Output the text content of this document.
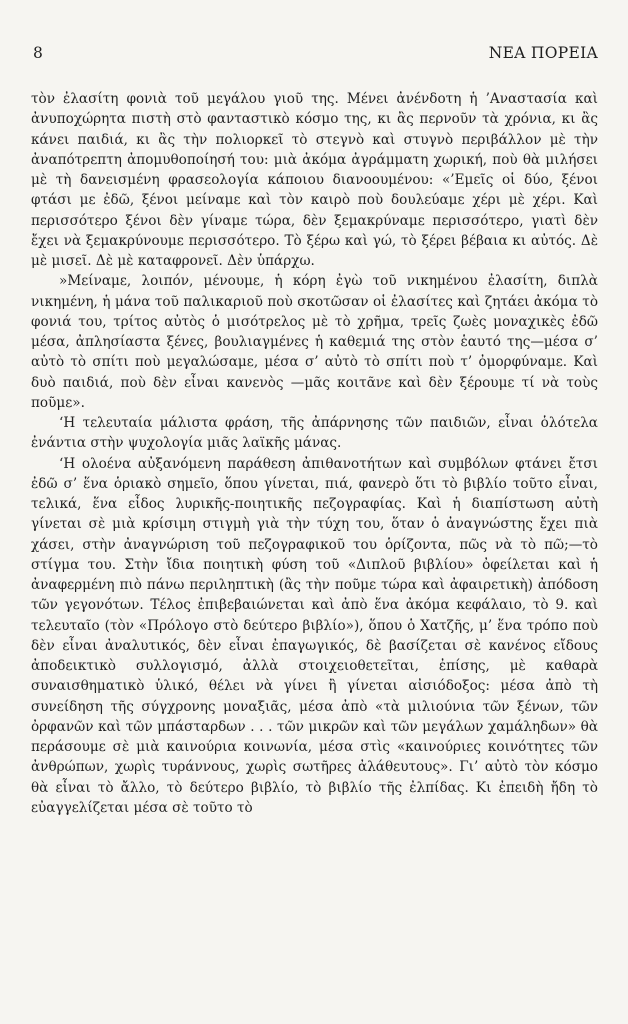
8	ΝΕΑ ΠΟΡΕΙΑ

τὸν ἐλασίτη φονιὰ τοῦ μεγάλου γιοῦ της. Μένει ἀνένδοτη ἡ ’Αναστασία καὶ ἀνυποχώρητα πιστὴ στὸ φανταστικὸ κόσμο της, κι ἂς περνοῦν τὰ χρόνια, κι ἂς κάνει παιδιά, κι ἂς τὴν πολιορκεῖ τὸ στεγνὸ καὶ στυγνὸ περιβάλλον μὲ τὴν ἀναπότρεπτη ἀπομυθοποίησή του: μιὰ ἀκόμα ἀγράμματη χωρική, ποὺ θὰ μιλήσει μὲ τὴ δανεισμένη φρασεολογία κάποιου διανοουμένου: «’Εμεῖς οἱ δύο, ξένοι φτάσι με ἐδῶ, ξένοι μείναμε καὶ τὸν καιρὸ ποὺ δουλεύαμε χέρι μὲ χέρι. Καὶ περισσότερο ξένοι δὲν γίναμε τώρα, δὲν ξεμακρύναμε περισσότερο, γιατὶ δὲν ἔχει νὰ ξεμακρύνουμε περισσότερο. Τὸ ξέρω καὶ γώ, τὸ ξέρει βέβαια κι αὐτός. Δὲ μὲ μισεῖ. Δὲ μὲ καταφρονεῖ. Δὲν ὑπάρχω.

»Μείναμε, λοιπόν, μένουμε, ἡ κόρη ἐγὼ τοῦ νικημένου ἐλασίτη, διπλὰ νικημένη, ἡ μάνα τοῦ παλικαριοῦ ποὺ σκοτῶσαν οἱ ἐλασίτες καὶ ζητάει ἀκόμα τὸ φονιά του, τρίτος αὐτὸς ὁ μισότρελος μὲ τὸ χρῆμα, τρεῖς ζωὲς μοναχικὲς ἐδῶ μέσα, ἀπλησίαστα ξένες, βουλιαγμένες ἡ καθεμιά της στὸν ἑαυτό της—μέσα σ’ αὐτὸ τὸ σπίτι ποὺ μεγαλώσαμε, μέσα σ’ αὐτὸ τὸ σπίτι ποὺ τ’ ὀμορφύναμε. Καὶ δυὸ παιδιά, ποὺ δὲν εἶναι κανενὸς —μᾶς κοιτᾶνε καὶ δὲν ξέρουμε τί νὰ τοὺς ποῦμε».

‘Η τελευταία μάλιστα φράση, τῆς ἀπάρνησης τῶν παιδιῶν, εἶναι ὁλότελα ἐνάντια στὴν ψυχολογία μιᾶς λαϊκῆς μάνας.

‘Η ολοένα αὐξανόμενη παράθεση ἀπιθανοτήτων καὶ συμβόλων φτάνει ἔτσι ἐδῶ σ’ ἕνα ὁριακὸ σημεῖο, ὅπου γίνεται, πιά, φανερὸ ὅτι τὸ βιβλίο τοῦτο εἶναι, τελικά, ἕνα εἶδος λυρικῆς-ποιητικῆς πεζογραφίας. Καὶ ἡ διαπίστωση αὐτὴ γίνεται σὲ μιὰ κρίσιμη στιγμὴ γιὰ τὴν τύχη του, ὅταν ὁ ἀναγνώστης ἔχει πιὰ χάσει, στὴν ἀναγνώριση τοῦ πεζογραφικοῦ του ὁρίζοντα, πῶς νὰ τὸ πῶ;—τὸ στίγμα του. Στὴν ἴδια ποιητικὴ φύση τοῦ «Διπλοῦ βιβλίου» ὀφείλεται καὶ ἡ ἀναφερμένη πιὸ πάνω περιληπτικὴ (ἂς τὴν ποῦμε τώρα καὶ ἀφαιρετικὴ) ἀπόδοση τῶν γεγονότων. Τέλος ἐπιβεβαιώνεται καὶ ἀπὸ ἕνα ἀκόμα κεφάλαιο, τὸ 9. καὶ τελευταῖο (τὸν «Πρόλογο στὸ δεύτερο βιβλίο»), ὅπου ὁ Χατζῆς, μ’ ἕνα τρόπο ποὺ δὲν εἶναι ἀναλυτικός, δὲν εἶναι ἐπαγωγικός, δὲ βασίζεται σὲ κανένος εἴδους ἀποδεικτικὸ συλλογισμό, ἀλλὰ στοιχειοθετεῖται, ἐπίσης, μὲ καθαρὰ συναισθηματικὸ ὑλικό, θέλει νὰ γίνει ἢ γίνεται αἰσιόδοξος: μέσα ἀπὸ τὴ συνείδηση τῆς σύγχρονης μοναξιᾶς, μέσα ἀπὸ «τὰ μιλιούνια τῶν ξένων, τῶν ὀρφανῶν καὶ τῶν μπάσταρδων . . . τῶν μικρῶν καὶ τῶν μεγάλων χαμάληδων» θὰ περάσουμε σὲ μιὰ καινούρια κοινωνία, μέσα στὶς «καινούριες κοινότητες τῶν ἀνθρώπων, χωρὶς τυράννους, χωρὶς σωτῆρες ἀλάθευτους». Γι’ αὐτὸ τὸν κόσμο θὰ εἶναι τὸ ἄλλο, τὸ δεύτερο βιβλίο, τὸ βιβλίο τῆς ἐλπίδας. Κι ἐπειδὴ ἤδη τὸ εὐαγγελίζεται μέσα σὲ τοῦτο τὸ
